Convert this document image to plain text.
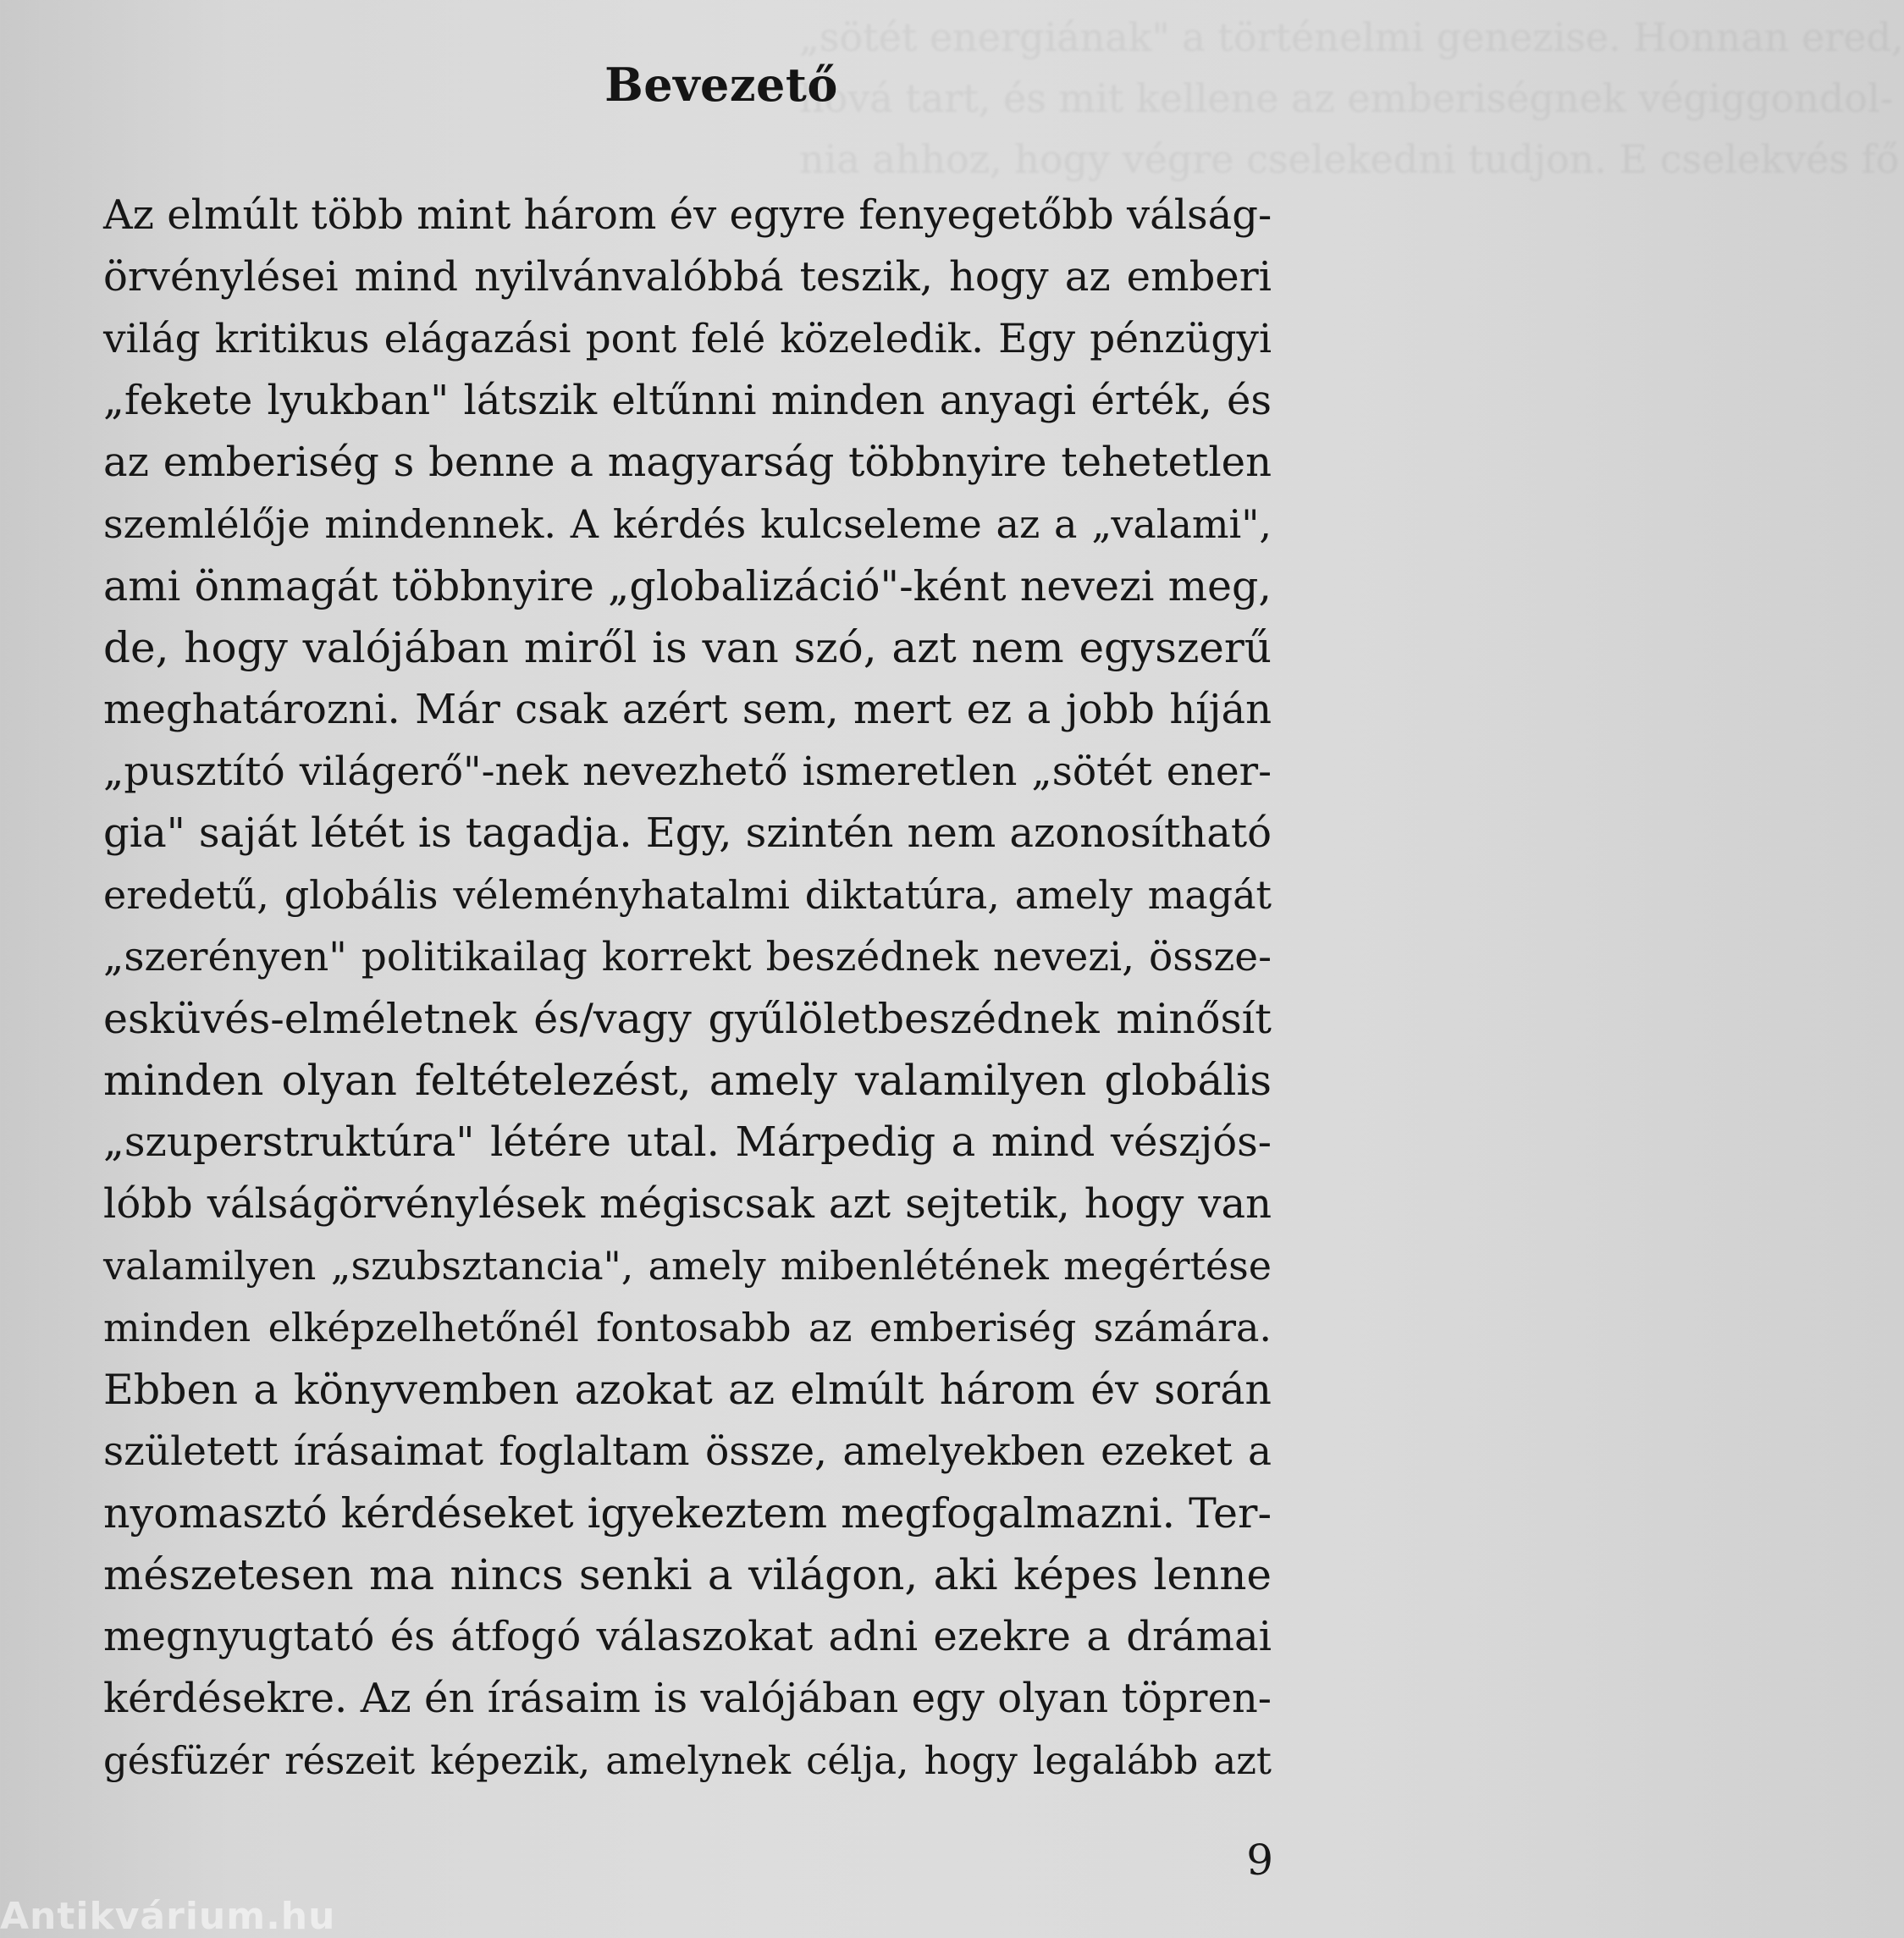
„sötét energiának" a történelmi genezise. Honnan ered,
hová tart, és mit kellene az emberiségnek végiggondol-
nia ahhoz, hogy végre cselekedni tudjon. E cselekvés fő
Bevezető
Az elmúlt több mint három év egyre fenyegetőbb válság-
örvénylései mind nyilvánvalóbbá teszik, hogy az emberi
világ kritikus elágazási pont felé közeledik. Egy pénzügyi
„fekete lyukban" látszik eltűnni minden anyagi érték, és
az emberiség s benne a magyarság többnyire tehetetlen
szemlélője mindennek. A kérdés kulcseleme az a „valami",
ami önmagát többnyire „globalizáció"-ként nevezi meg,
de, hogy valójában miről is van szó, azt nem egyszerű
meghatározni. Már csak azért sem, mert ez a jobb híján
„pusztító világerő"-nek nevezhető ismeretlen „sötét ener-
gia" saját létét is tagadja. Egy, szintén nem azonosítható
eredetű, globális véleményhatalmi diktatúra, amely magát
„szerényen" politikailag korrekt beszédnek nevezi, össze-
esküvés-elméletnek és/vagy gyűlöletbeszédnek minősít
minden olyan feltételezést, amely valamilyen globális
„szuperstruktúra" létére utal. Márpedig a mind vészjós-
lóbb válságörvénylések mégiscsak azt sejtetik, hogy van
valamilyen „szubsztancia", amely mibenlétének megértése
minden elképzelhetőnél fontosabb az emberiség számára.
Ebben a könyvemben azokat az elmúlt három év során
született írásaimat foglaltam össze, amelyekben ezeket a
nyomasztó kérdéseket igyekeztem megfogalmazni. Ter-
mészetesen ma nincs senki a világon, aki képes lenne
megnyugtató és átfogó válaszokat adni ezekre a drámai
kérdésekre. Az én írásaim is valójában egy olyan töpren-
gésfüzér részeit képezik, amelynek célja, hogy legalább azt
9
Antikvárium.hu
